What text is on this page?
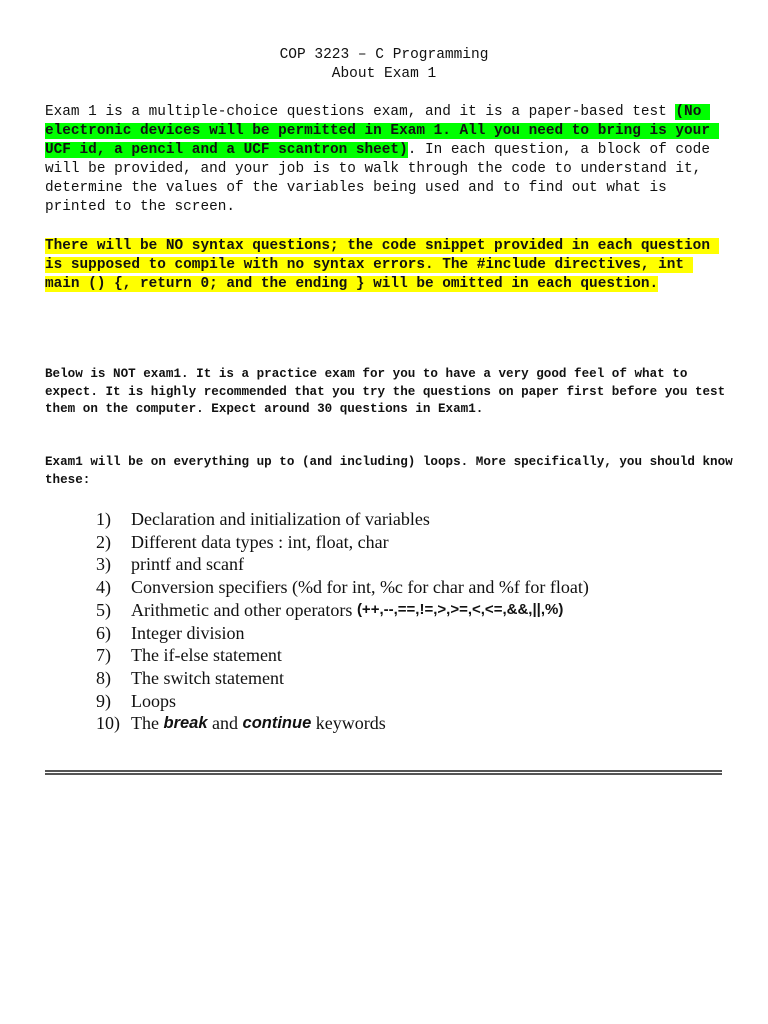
COP 3223 – C Programming
About Exam 1
Exam 1 is a multiple-choice questions exam, and it is a paper-based test (No electronic devices will be permitted in Exam 1. All you need to bring is your UCF id, a pencil and a UCF scantron sheet). In each question, a block of code will be provided, and your job is to walk through the code to understand it, determine the values of the variables being used and to find out what is printed to the screen.
There will be NO syntax questions; the code snippet provided in each question is supposed to compile with no syntax errors. The #include directives, int main () {, return 0; and the ending } will be omitted in each question.
Below is NOT exam1. It is a practice exam for you to have a very good feel of what to expect. It is highly recommended that you try the questions on paper first before you test them on the computer. Expect around 30 questions in Exam1.
Exam1 will be on everything up to (and including) loops. More specifically, you should know these:
1)	Declaration and initialization of variables
2)	Different data types : int, float, char
3)	printf and scanf
4)	Conversion specifiers (%d for int, %c for char and %f for float)
5)	Arithmetic and other operators (++,--,==,!=,>,>=,<,<=,&&,||,%)
6)	Integer division
7)	The if-else statement
8)	The switch statement
9)	Loops
10) The break and continue keywords
